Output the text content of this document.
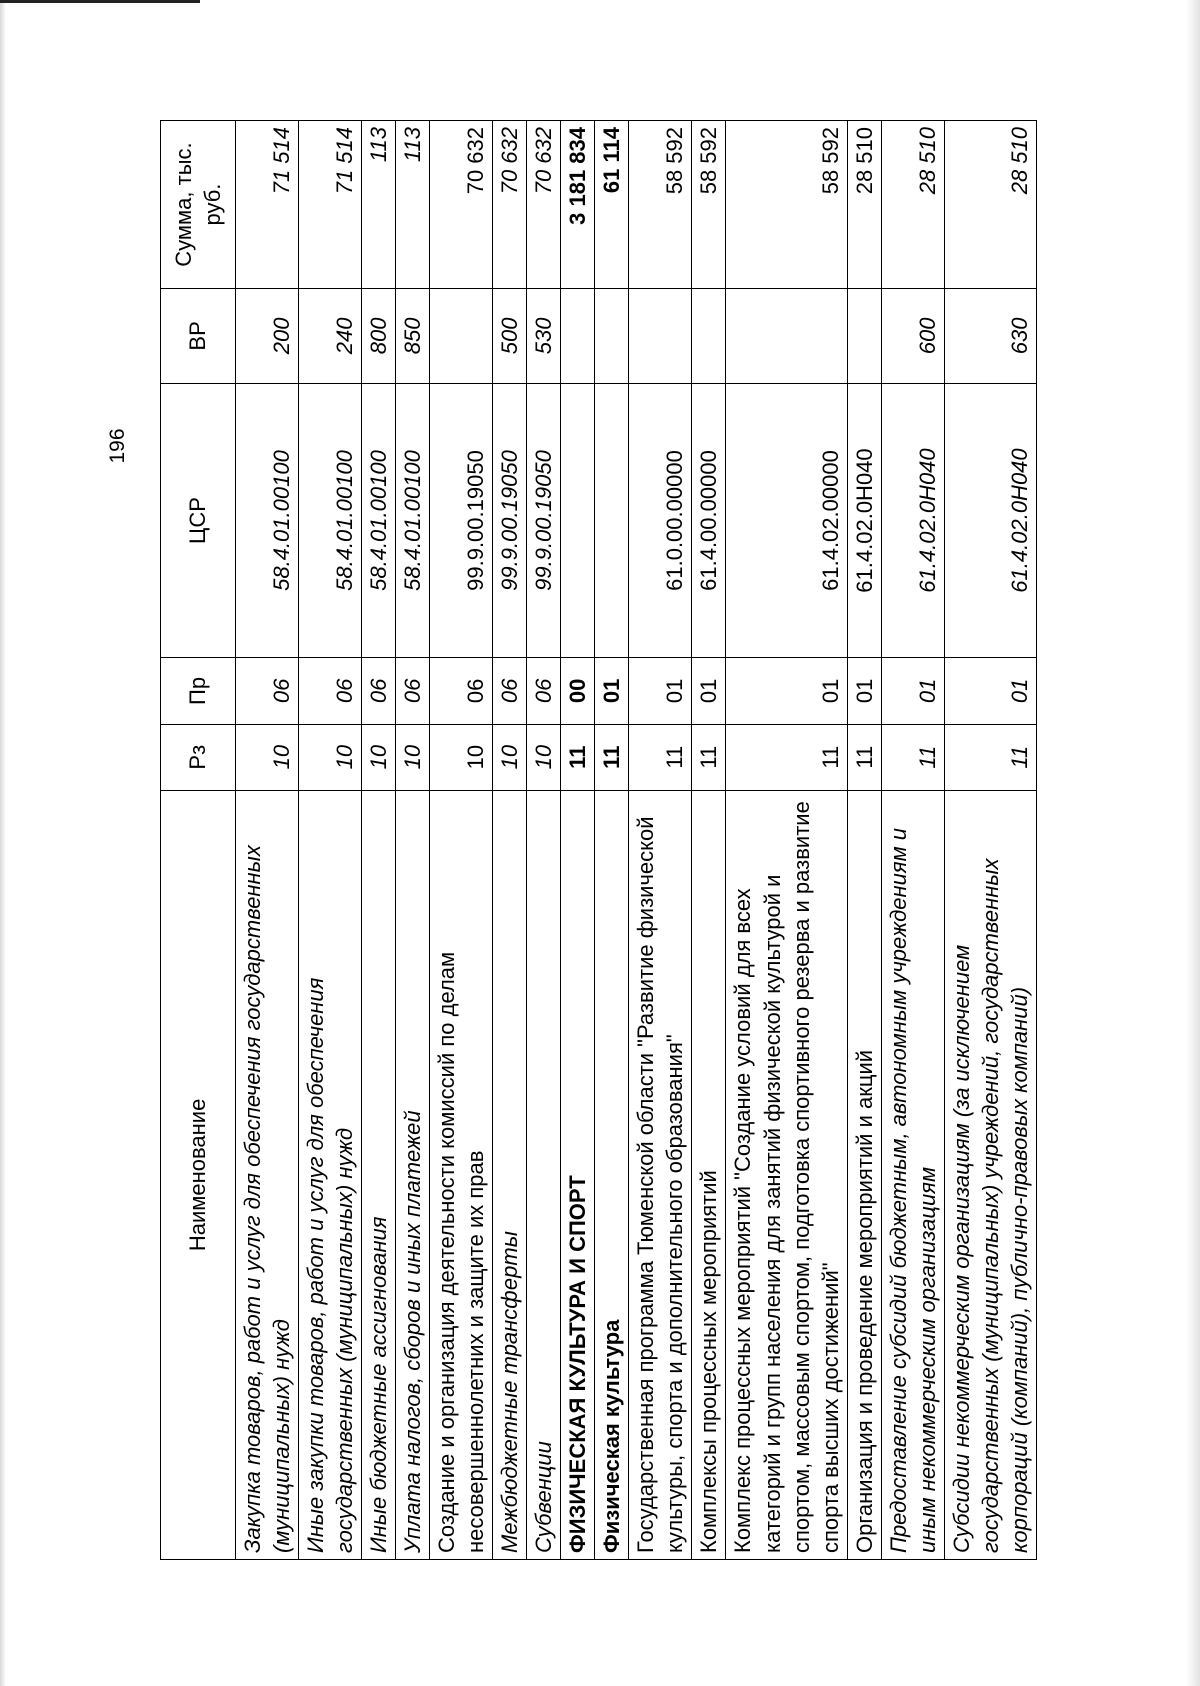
196
Наименование	Рз	Пр	ЦСР	ВР	Сумма, тыс. руб.
Закупка товаров, работ и услуг для обеспечения государственных (муниципальных) нужд	10	06	58.4.01.00100	200	71 514
Иные закупки товаров, работ и услуг для обеспечения государственных (муниципальных) нужд	10	06	58.4.01.00100	240	71 514
Иные бюджетные ассигнования	10	06	58.4.01.00100	800	113
Уплата налогов, сборов и иных платежей	10	06	58.4.01.00100	850	113
Создание и организация деятельности комиссий по делам несовершеннолетних и защите их прав	10	06	99.9.00.19050		70 632
Межбюджетные трансферты	10	06	99.9.00.19050	500	70 632
Субвенции	10	06	99.9.00.19050	530	70 632
ФИЗИЧЕСКАЯ КУЛЬТУРА И СПОРТ	11	00			3 181 834
Физическая культура	11	01			61 114
Государственная программа Тюменской области "Развитие физической культуры, спорта и дополнительного образования"	11	01	61.0.00.00000		58 592
Комплексы процессных мероприятий	11	01	61.4.00.00000		58 592
Комплекс процессных мероприятий "Создание условий для всех категорий и групп населения для занятий физической культурой и спортом, массовым спортом, подготовка спортивного резерва и развитие спорта высших достижений"	11	01	61.4.02.00000		58 592
Организация и проведение мероприятий и акций	11	01	61.4.02.0Н040		28 510
Предоставление субсидий бюджетным, автономным учреждениям и иным некоммерческим организациям	11	01	61.4.02.0Н040	600	28 510
Субсидии некоммерческим организациям (за исключением государственных (муниципальных) учреждений, государственных корпораций (компаний), публично-правовых компаний)	11	01	61.4.02.0Н040	630	28 510
